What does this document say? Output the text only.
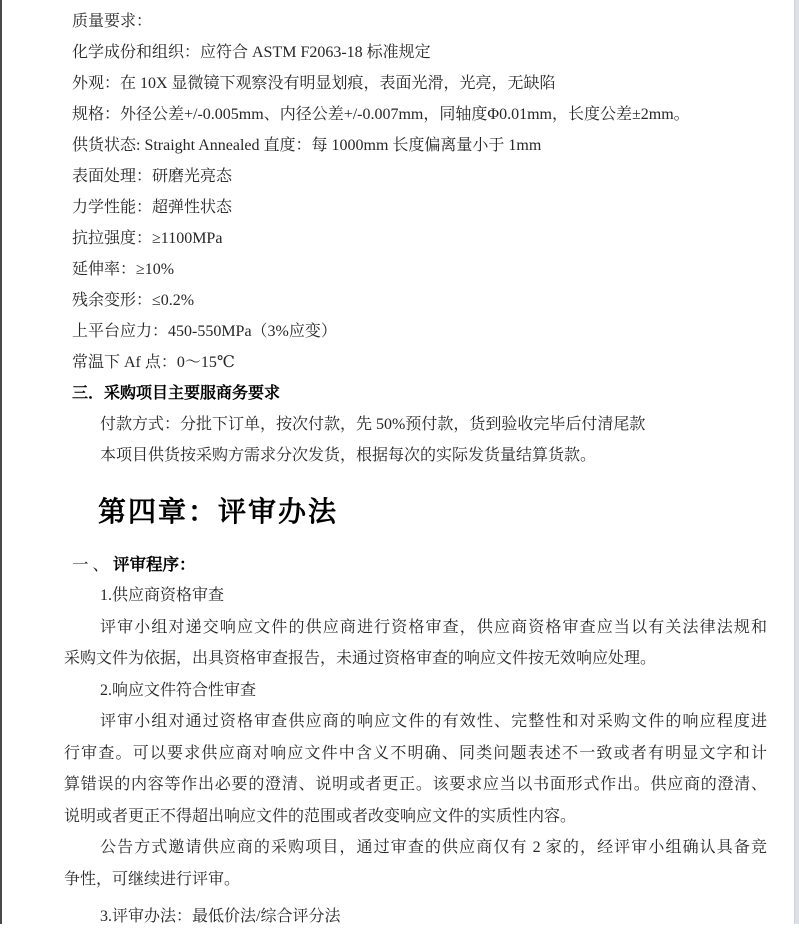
质量要求：
化学成份和组织：应符合 ASTM F2063-18 标准规定
外观：在 10X 显微镜下观察没有明显划痕，表面光滑，光亮，无缺陷
规格：外径公差+/-0.005mm、内径公差+/-0.007mm，同轴度Φ0.01mm，长度公差±2mm。
供货状态: Straight Annealed 直度：每 1000mm 长度偏离量小于 1mm
表面处理：研磨光亮态
力学性能：超弹性状态
抗拉强度：≥1100MPa
延伸率：≥10%
残余变形：≤0.2%
上平台应力：450-550MPa（3%应变）
常温下 Af 点：0～15℃
三．采购项目主要服商务要求
付款方式：分批下订单，按次付款，先 50%预付款，货到验收完毕后付清尾款
本项目供货按采购方需求分次发货，根据每次的实际发货量结算货款。
第四章：评审办法
一、评审程序：
1.供应商资格审查
评审小组对递交响应文件的供应商进行资格审查，供应商资格审查应当以有关法律法规和
采购文件为依据，出具资格审查报告，未通过资格审查的响应文件按无效响应处理。
2.响应文件符合性审查
评审小组对通过资格审查供应商的响应文件的有效性、完整性和对采购文件的响应程度进
行审查。可以要求供应商对响应文件中含义不明确、同类问题表述不一致或者有明显文字和计
算错误的内容等作出必要的澄清、说明或者更正。该要求应当以书面形式作出。供应商的澄清、
说明或者更正不得超出响应文件的范围或者改变响应文件的实质性内容。
公告方式邀请供应商的采购项目，通过审查的供应商仅有 2 家的，经评审小组确认具备竞
争性，可继续进行评审。
3.评审办法：最低价法/综合评分法
